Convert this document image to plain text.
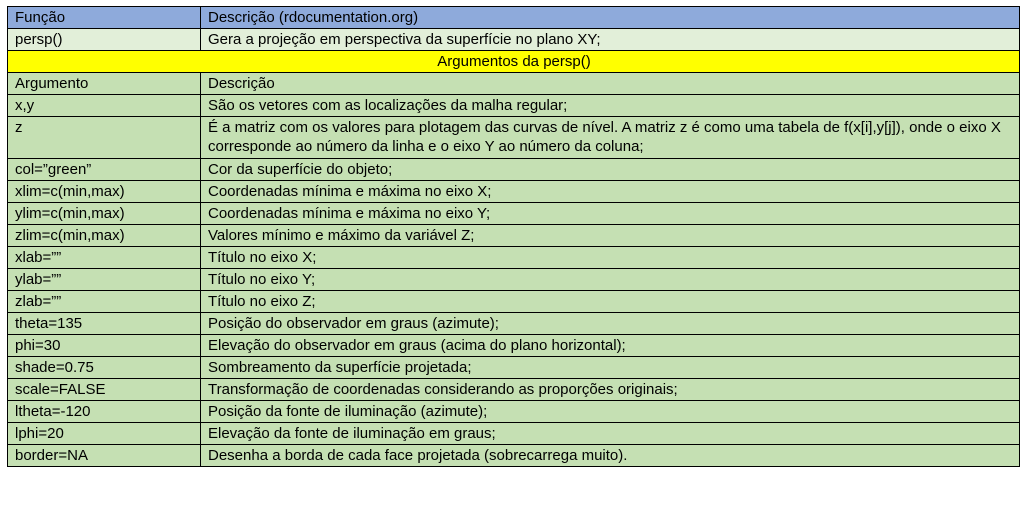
Função	Descrição (rdocumentation.org)
persp()	Gera a projeção em perspectiva da superfície no plano XY;
Argumentos da persp()	
Argumento	Descrição
x,y	São os vetores com as localizações da malha regular;
z	É a matriz com os valores para plotagem das curvas de nível. A matriz z é como uma tabela de f(x[i],y[j]), onde o eixo X corresponde ao número da linha e o eixo Y ao número da coluna;
col=”green”	Cor da superfície do objeto;
xlim=c(min,max)	Coordenadas mínima e máxima no eixo X;
ylim=c(min,max)	Coordenadas mínima e máxima no eixo Y;
zlim=c(min,max)	Valores mínimo e máximo da variável Z;
xlab=””	Título no eixo X;
ylab=””	Título no eixo Y;
zlab=””	Título no eixo Z;
theta=135	Posição do observador em graus (azimute);
phi=30	Elevação do observador em graus (acima do plano horizontal);
shade=0.75	Sombreamento da superfície projetada;
scale=FALSE	Transformação de coordenadas considerando as proporções originais;
ltheta=-120	Posição da fonte de iluminação (azimute);
lphi=20	Elevação da fonte de iluminação em graus;
border=NA	Desenha a borda de cada face projetada (sobrecarrega muito).
